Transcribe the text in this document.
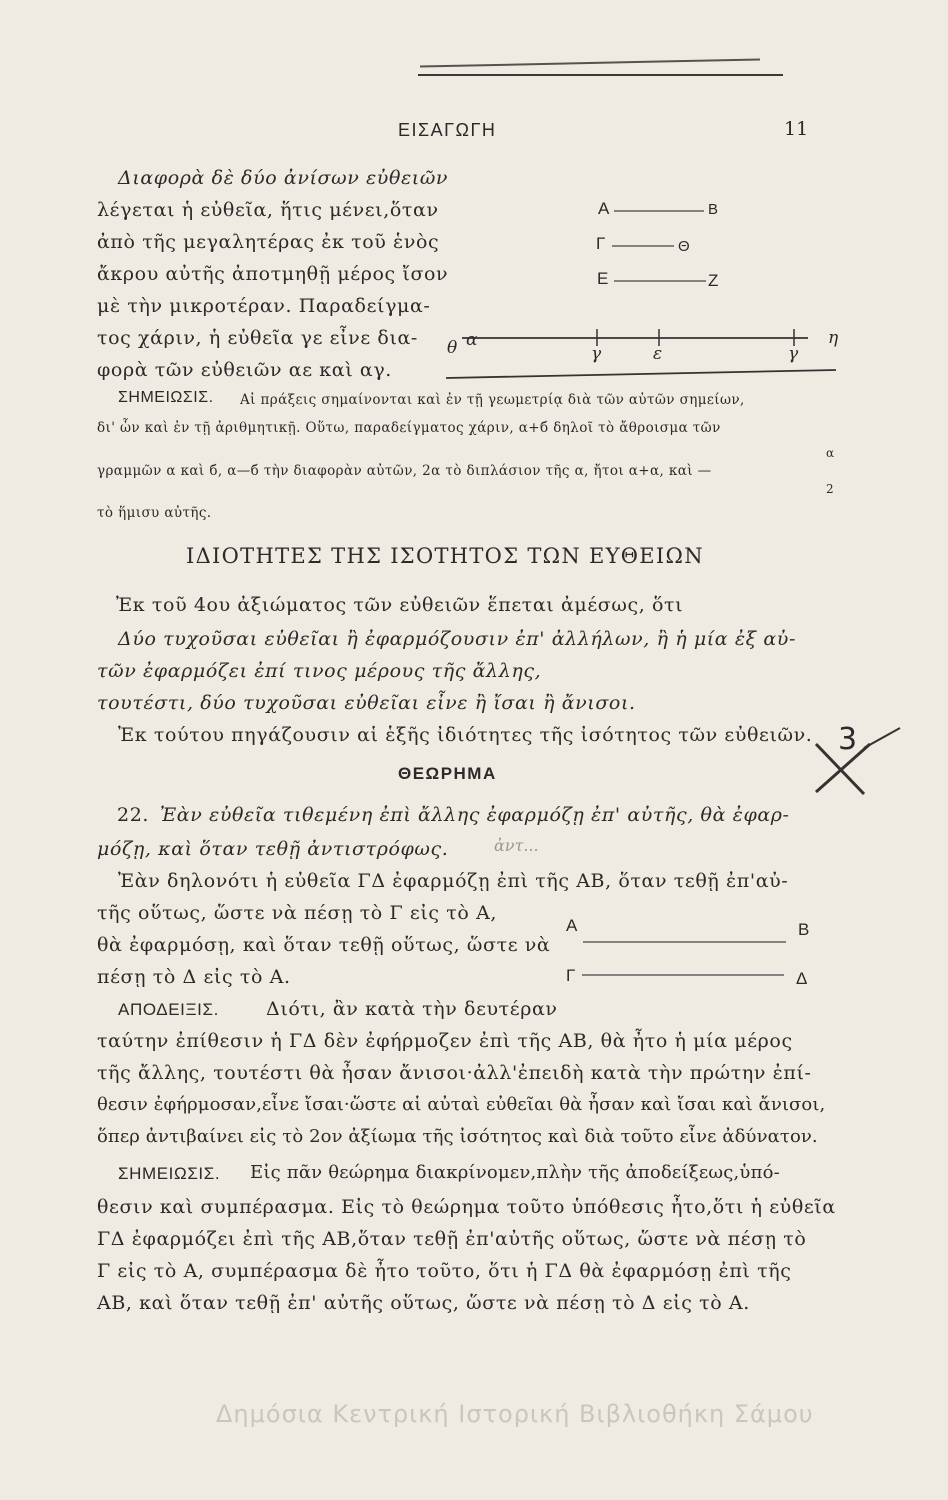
ΕΙΣΑΓΩΓΗ	11
Διαφορὰ δὲ δύο ἀνίσων εὐθειῶν
λέγεται ἡ εὐθεῖα, ἥτις μένει,ὅταν
ἀπὸ τῆς μεγαλητέρας ἐκ τοῦ ἑνὸς
ἄκρου αὐτῆς ἀποτμηθῇ μέρος ἴσον
μὲ τὴν μικροτέραν. Παραδείγμα-
τος χάριν, ἡ εὐθεῖα γε εἶνε δια-
φορὰ τῶν εὐθειῶν αε καὶ αγ.
A	B
Γ	Θ
E	Z
θ α
γ	ε	γ
η
ΣΗΜΕΙΩΣΙΣ. Αἱ πράξεις σημαίνονται καὶ ἐν τῇ γεωμετρίᾳ διὰ τῶν αὐτῶν σημείων,
δι' ὧν καὶ ἐν τῇ ἀριθμητικῇ. Οὕτω, παραδείγματος χάριν, α+б δηλοῖ τὸ ἄθροισμα τῶν
α
γραμμῶν α καὶ б, α—б τὴν διαφορὰν αὐτῶν, 2α τὸ διπλάσιον τῆς α, ἤτοι α+α, καὶ —
2
τὸ ἥμισυ αὐτῆς.
ΙΔΙΟΤΗΤΕΣ ΤΗΣ ΙΣΟΤΗΤΟΣ ΤΩΝ ΕΥΘΕΙΩΝ
Ἐκ τοῦ 4ου ἀξιώματος τῶν εὐθειῶν ἕπεται ἀμέσως, ὅτι
Δύο τυχοῦσαι εὐθεῖαι ἢ ἐφαρμόζουσιν ἐπ' ἀλλήλων, ἢ ἡ μία ἐξ αὐ-
τῶν ἐφαρμόζει ἐπί τινος μέρους τῆς ἄλλης,
τουτέστι, δύο τυχοῦσαι εὐθεῖαι εἶνε ἢ ἴσαι ἢ ἄνισοι.
Ἐκ τούτου πηγάζουσιν αἱ ἑξῆς ἰδιότητες τῆς ἰσότητος τῶν εὐθειῶν. 3
ΘΕΩΡΗΜΑ
22. Ἐὰν εὐθεῖα τιθεμένη ἐπὶ ἄλλης ἐφαρμόζῃ ἐπ' αὐτῆς, θὰ ἐφαρ-
μόζῃ, καὶ ὅταν τεθῇ ἀντιστρόφως.	ἀντ...
Ἐὰν δηλονότι ἡ εὐθεῖα ΓΔ ἐφαρμόζῃ ἐπὶ τῆς ΑΒ, ὅταν τεθῇ ἐπ'αὐ-
τῆς οὕτως, ὥστε νὰ πέσῃ τὸ Γ εἰς τὸ Α,
θὰ ἐφαρμόσῃ, καὶ ὅταν τεθῇ οὕτως, ὥστε νὰ
πέσῃ τὸ Δ εἰς τὸ Α.
A	B
Γ	Δ
ΑΠΟΔΕΙΞΙΣ. Διότι, ἂν κατὰ τὴν δευτέραν
ταύτην ἐπίθεσιν ἡ ΓΔ δὲν ἐφήρμοζεν ἐπὶ τῆς ΑΒ, θὰ ἦτο ἡ μία μέρος
τῆς ἄλλης, τουτέστι θὰ ἦσαν ἄνισοι·ἀλλ'ἐπειδὴ κατὰ τὴν πρώτην ἐπί-
θεσιν ἐφήρμοσαν,εἶνε ἴσαι·ὥστε αἱ αὐταὶ εὐθεῖαι θὰ ἦσαν καὶ ἴσαι καὶ ἄνισοι,
ὅπερ ἀντιβαίνει εἰς τὸ 2ον ἀξίωμα τῆς ἰσότητος καὶ διὰ τοῦτο εἶνε ἀδύνατον.
ΣΗΜΕΙΩΣΙΣ. Εἰς πᾶν θεώρημα διακρίνομεν,πλὴν τῆς ἀποδείξεως,ὑπό-
θεσιν καὶ συμπέρασμα. Εἰς τὸ θεώρημα τοῦτο ὑπόθεσις ἦτο,ὅτι ἡ εὐθεῖα
ΓΔ ἐφαρμόζει ἐπὶ τῆς ΑΒ,ὅταν τεθῇ ἐπ'αὐτῆς οὕτως, ὥστε νὰ πέσῃ τὸ
Γ εἰς τὸ Α, συμπέρασμα δὲ ἦτο τοῦτο, ὅτι ἡ ΓΔ θὰ ἐφαρμόσῃ ἐπὶ τῆς
ΑΒ, καὶ ὅταν τεθῇ ἐπ' αὐτῆς οὕτως, ὥστε νὰ πέσῃ τὸ Δ εἰς τὸ Α.
Δημόσια Κεντρική Ιστορική Βιβλιοθήκη Σάμου
